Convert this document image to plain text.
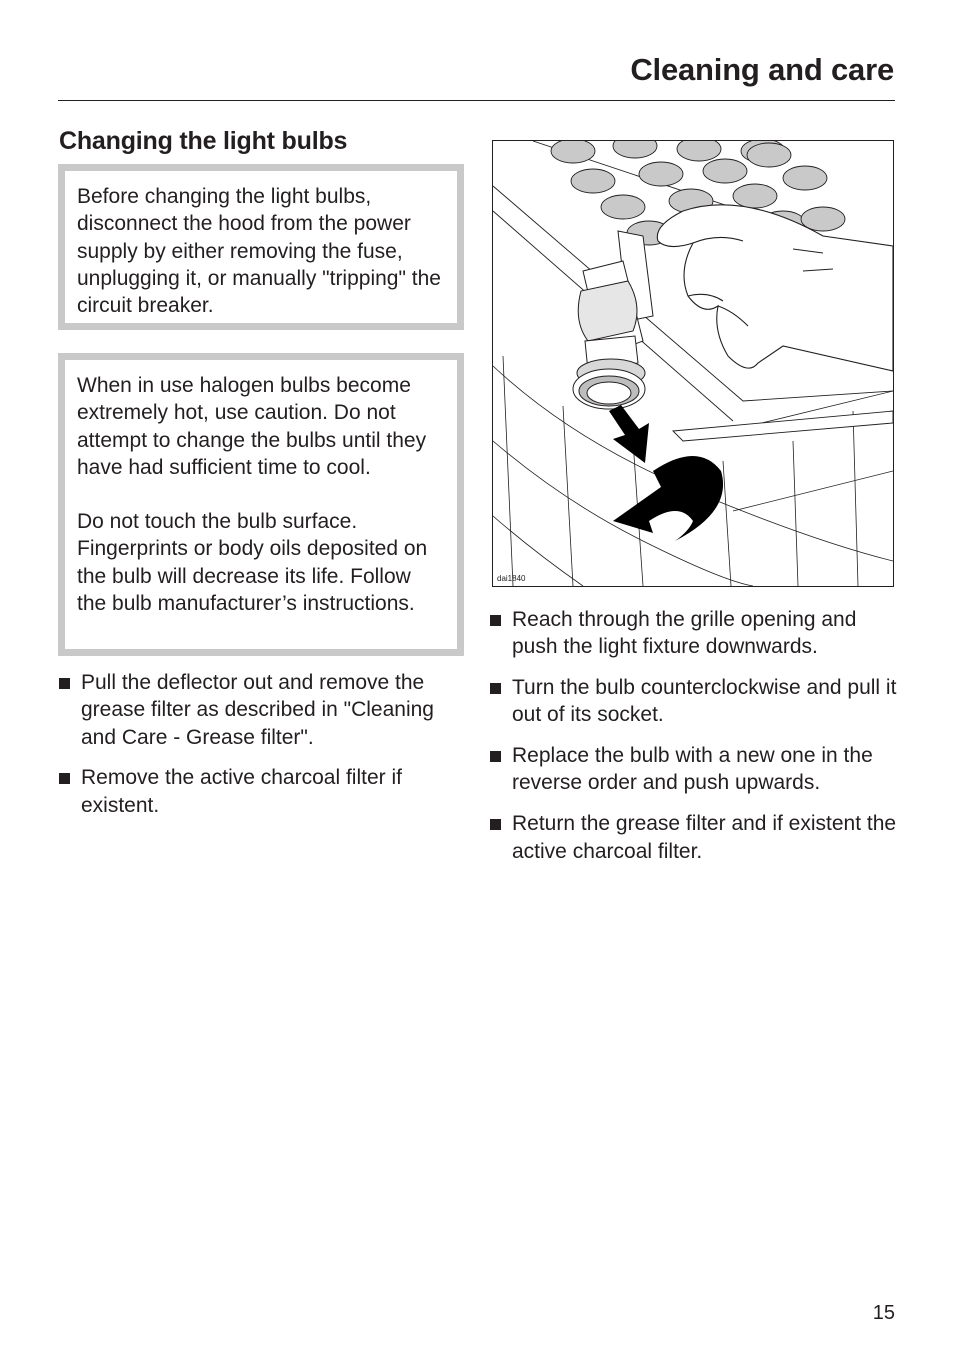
Cleaning and care
Changing the light bulbs

Before changing the light bulbs, disconnect the hood from the power supply by either removing the fuse, unplugging it, or manually "tripping" the circuit breaker.

When in use halogen bulbs become extremely hot, use caution. Do not attempt to change the bulbs until they have had sufficient time to cool.

Do not touch the bulb surface. Fingerprints or body oils deposited on the bulb will decrease its life. Follow the bulb manufacturer’s instructions.

Pull the deflector out and remove the grease filter as described in "Cleaning and Care - Grease filter".
Remove the active charcoal filter if existent.
dai1840
Reach through the grille opening and push the light fixture downwards.
Turn the bulb counterclockwise and pull it out of its socket.
Replace the bulb with a new one in the reverse order and push upwards.
Return the grease filter and if existent the active charcoal filter.
15
